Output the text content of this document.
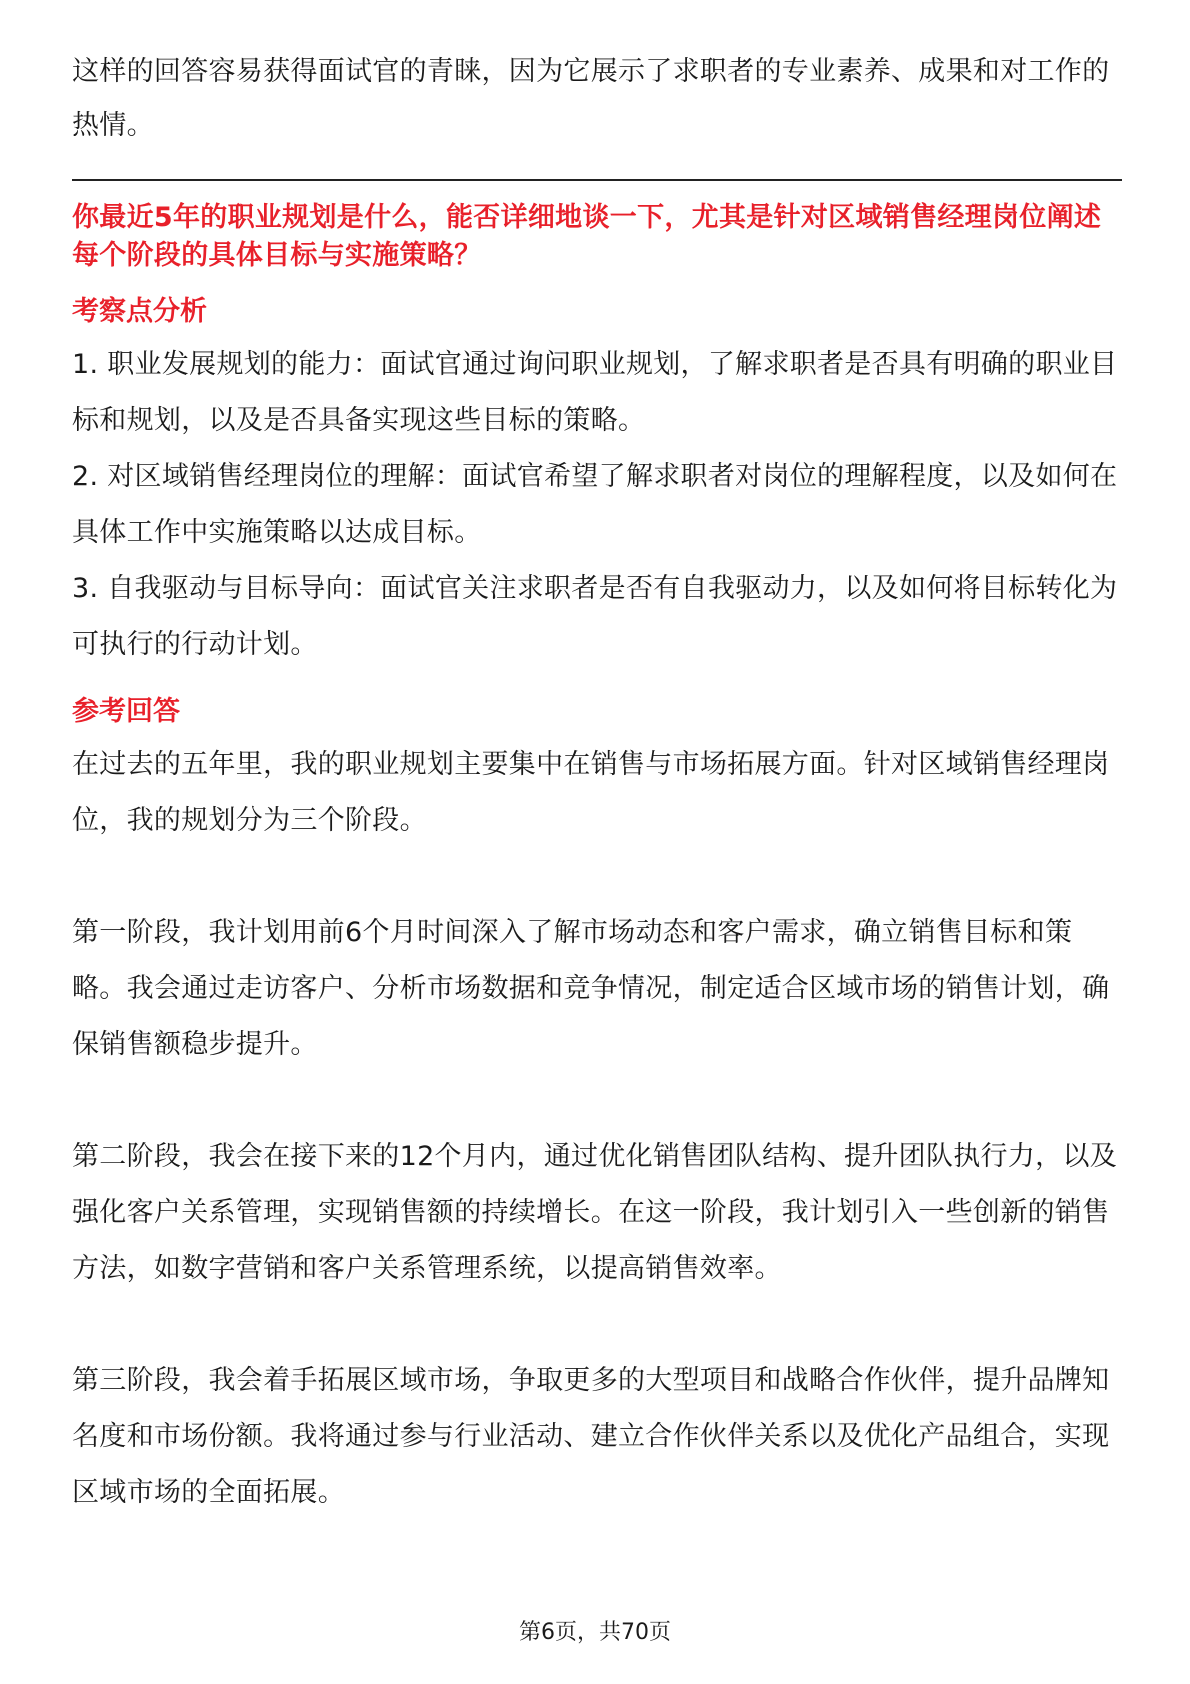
这样的回答容易获得面试官的青睐，因为它展示了求职者的专业素养、成果和对工作的热情。

你最近5年的职业规划是什么，能否详细地谈一下，尤其是针对区域销售经理岗位阐述每个阶段的具体目标与实施策略？

考察点分析

1. 职业发展规划的能力：面试官通过询问职业规划，了解求职者是否具有明确的职业目标和规划，以及是否具备实现这些目标的策略。

2. 对区域销售经理岗位的理解：面试官希望了解求职者对岗位的理解程度，以及如何在具体工作中实施策略以达成目标。

3. 自我驱动与目标导向：面试官关注求职者是否有自我驱动力，以及如何将目标转化为可执行的行动计划。

参考回答

在过去的五年里，我的职业规划主要集中在销售与市场拓展方面。针对区域销售经理岗位，我的规划分为三个阶段。

第一阶段，我计划用前6个月时间深入了解市场动态和客户需求，确立销售目标和策略。我会通过走访客户、分析市场数据和竞争情况，制定适合区域市场的销售计划，确保销售额稳步提升。

第二阶段，我会在接下来的12个月内，通过优化销售团队结构、提升团队执行力，以及强化客户关系管理，实现销售额的持续增长。在这一阶段，我计划引入一些创新的销售方法，如数字营销和客户关系管理系统，以提高销售效率。

第三阶段，我会着手拓展区域市场，争取更多的大型项目和战略合作伙伴，提升品牌知名度和市场份额。我将通过参与行业活动、建立合作伙伴关系以及优化产品组合，实现区域市场的全面拓展。

第6页，共70页
